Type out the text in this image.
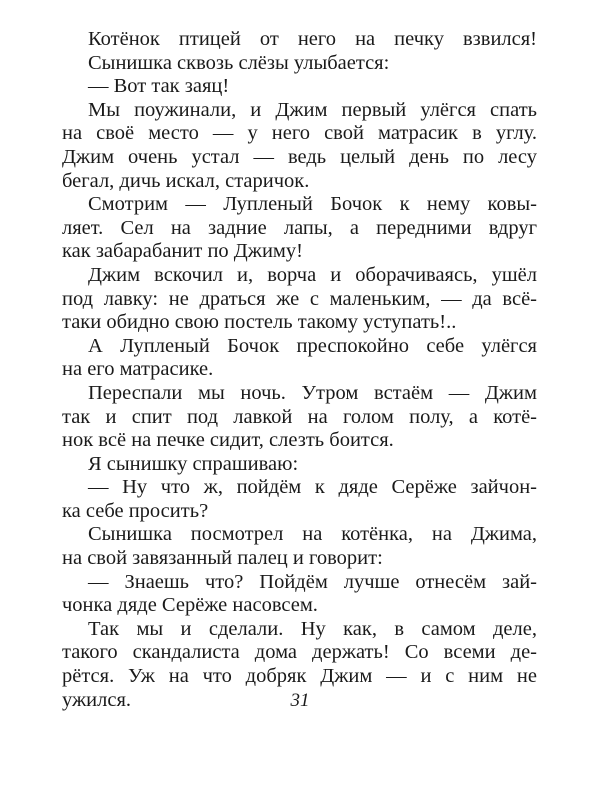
Котёнок птицей от него на печку взвился!
Сынишка сквозь слёзы улыбается:
— Вот так заяц!
Мы поужинали, и Джим первый улёгся спать
на своё место — у него свой матрасик в углу.
Джим очень устал — ведь целый день по лесу
бегал, дичь искал, старичок.
Смотрим — Лупленый Бочок к нему ковы-
ляет. Сел на задние лапы, а передними вдруг
как забарабанит по Джиму!
Джим вскочил и, ворча и оборачиваясь, ушёл
под лавку: не драться же с маленьким, — да всё-
таки обидно свою постель такому уступать!..
А Лупленый Бочок преспокойно себе улёгся
на его матрасике.
Переспали мы ночь. Утром встаём — Джим
так и спит под лавкой на голом полу, а котё-
нок всё на печке сидит, слезть боится.
Я сынишку спрашиваю:
— Ну что ж, пойдём к дяде Серёже зайчон-
ка себе просить?
Сынишка посмотрел на котёнка, на Джима,
на свой завязанный палец и говорит:
— Знаешь что? Пойдём лучше отнесём зай-
чонка дяде Серёже насовсем.
Так мы и сделали. Ну как, в самом деле,
такого скандалиста дома держать! Со всеми де-
рётся. Уж на что добряк Джим — и с ним не
ужился.	31
